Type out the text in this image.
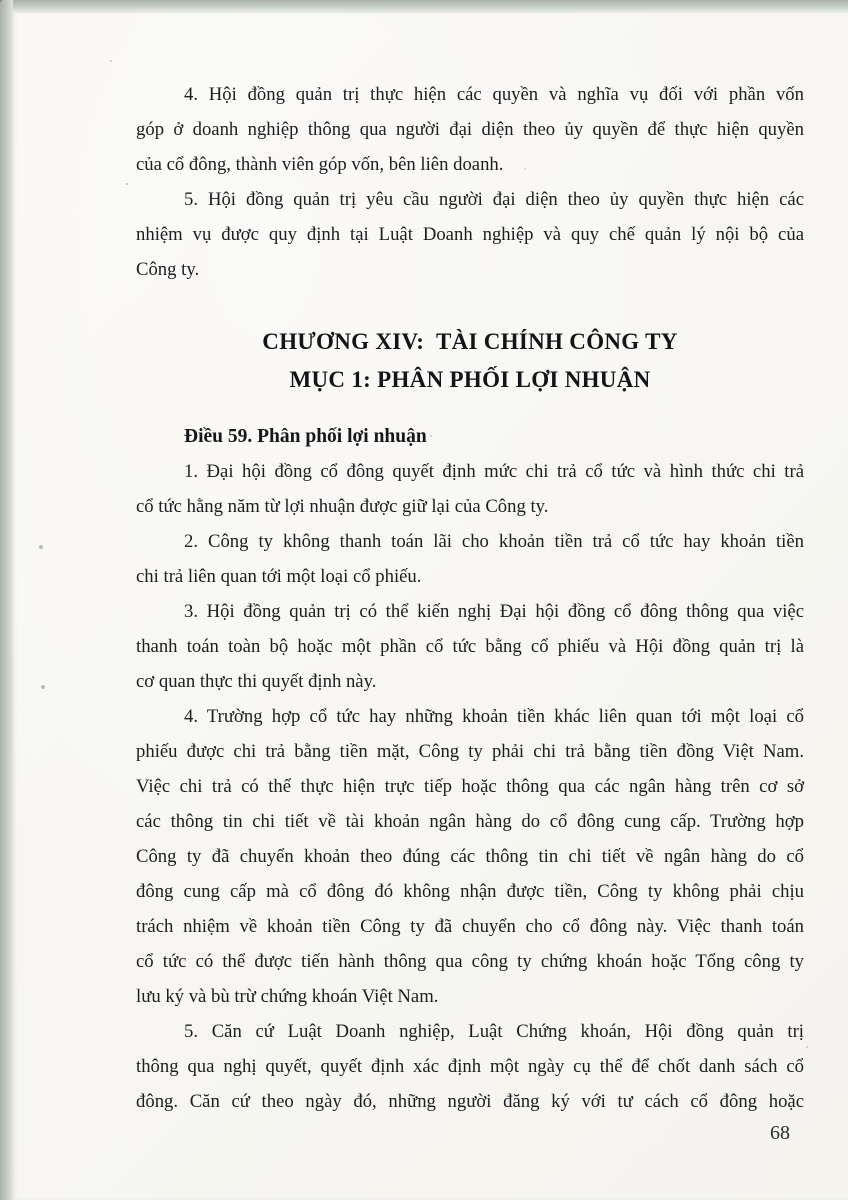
4. Hội đồng quản trị thực hiện các quyền và nghĩa vụ đối với phần vốn
góp ở doanh nghiệp thông qua người đại diện theo ủy quyền để thực hiện quyền
của cổ đông, thành viên góp vốn, bên liên doanh.
5. Hội đồng quản trị yêu cầu người đại diện theo ủy quyền thực hiện các
nhiệm vụ được quy định tại Luật Doanh nghiệp và quy chế quản lý nội bộ của
Công ty.
CHƯƠNG XIV:  TÀI CHÍNH CÔNG TY
MỤC 1: PHÂN PHỐI LỢI NHUẬN
Điều 59. Phân phối lợi nhuận
1. Đại hội đồng cổ đông quyết định mức chi trả cổ tức và hình thức chi trả
cổ tức hằng năm từ lợi nhuận được giữ lại của Công ty.
2. Công ty không thanh toán lãi cho khoản tiền trả cổ tức hay khoản tiền
chi trả liên quan tới một loại cổ phiếu.
3. Hội đồng quản trị có thể kiến nghị Đại hội đồng cổ đông thông qua việc
thanh toán toàn bộ hoặc một phần cổ tức bằng cổ phiếu và Hội đồng quản trị là
cơ quan thực thi quyết định này.
4. Trường hợp cổ tức hay những khoản tiền khác liên quan tới một loại cổ
phiếu được chi trả bằng tiền mặt, Công ty phải chi trả bằng tiền đồng Việt Nam.
Việc chi trả có thể thực hiện trực tiếp hoặc thông qua các ngân hàng trên cơ sở
các thông tin chi tiết về tài khoản ngân hàng do cổ đông cung cấp. Trường hợp
Công ty đã chuyển khoản theo đúng các thông tin chi tiết về ngân hàng do cổ
đông cung cấp mà cổ đông đó không nhận được tiền, Công ty không phải chịu
trách nhiệm về khoản tiền Công ty đã chuyển cho cổ đông này. Việc thanh toán
cổ tức có thể được tiến hành thông qua công ty chứng khoán hoặc Tổng công ty
lưu ký và bù trừ chứng khoán Việt Nam.
5. Căn cứ Luật Doanh nghiệp, Luật Chứng khoán, Hội đồng quản trị
thông qua nghị quyết, quyết định xác định một ngày cụ thể để chốt danh sách cổ
đông. Căn cứ theo ngày đó, những người đăng ký với tư cách cổ đông hoặc
68
